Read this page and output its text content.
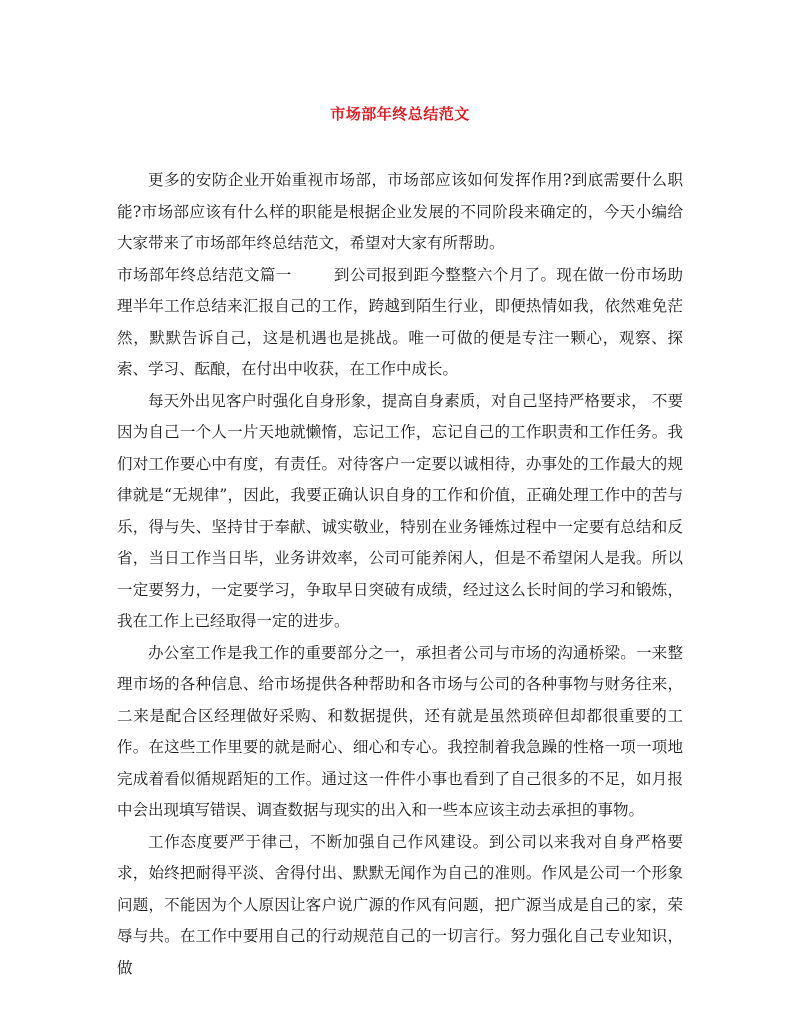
市场部年终总结范文

更多的安防企业开始重视市场部，市场部应该如何发挥作用?到底需要什么职能?市场部应该有什么样的职能是根据企业发展的不同阶段来确定的，今天小编给大家带来了市场部年终总结范文，希望对大家有所帮助。

市场部年终总结范文篇一	到公司报到距今整整六个月了。现在做一份市场助理半年工作总结来汇报自己的工作，跨越到陌生行业，即便热情如我，依然难免茫然，默默告诉自己，这是机遇也是挑战。唯一可做的便是专注一颗心，观察、探索、学习、酝酿，在付出中收获，在工作中成长。

每天外出见客户时强化自身形象，提高自身素质，对自己坚持严格要求， 不要因为自己一个人一片天地就懒惰，忘记工作，忘记自己的工作职责和工作任务。我们对工作要心中有度，有责任。对待客户一定要以诚相待，办事处的工作最大的规律就是“无规律”，因此，我要正确认识自身的工作和价值，正确处理工作中的苦与乐，得与失、坚持甘于奉献、诚实敬业，特别在业务锤炼过程中一定要有总结和反省，当日工作当日毕，业务讲效率，公司可能养闲人，但是不希望闲人是我。所以一定要努力，一定要学习，争取早日突破有成绩，经过这么长时间的学习和锻炼，我在工作上已经取得一定的进步。

办公室工作是我工作的重要部分之一，承担者公司与市场的沟通桥梁。一来整理市场的各种信息、给市场提供各种帮助和各市场与公司的各种事物与财务往来，二来是配合区经理做好采购、和数据提供，还有就是虽然琐碎但却都很重要的工作。在这些工作里要的就是耐心、细心和专心。我控制着我急躁的性格一项一项地完成着看似循规蹈矩的工作。通过这一件件小事也看到了自己很多的不足，如月报中会出现填写错误、调查数据与现实的出入和一些本应该主动去承担的事物。

工作态度要严于律己，不断加强自己作风建设。到公司以来我对自身严格要求，始终把耐得平淡、舍得付出、默默无闻作为自己的准则。作风是公司一个形象问题，不能因为个人原因让客户说广源的作风有问题，把广源当成是自己的家，荣辱与共。在工作中要用自己的行动规范自己的一切言行。努力强化自己专业知识，做
